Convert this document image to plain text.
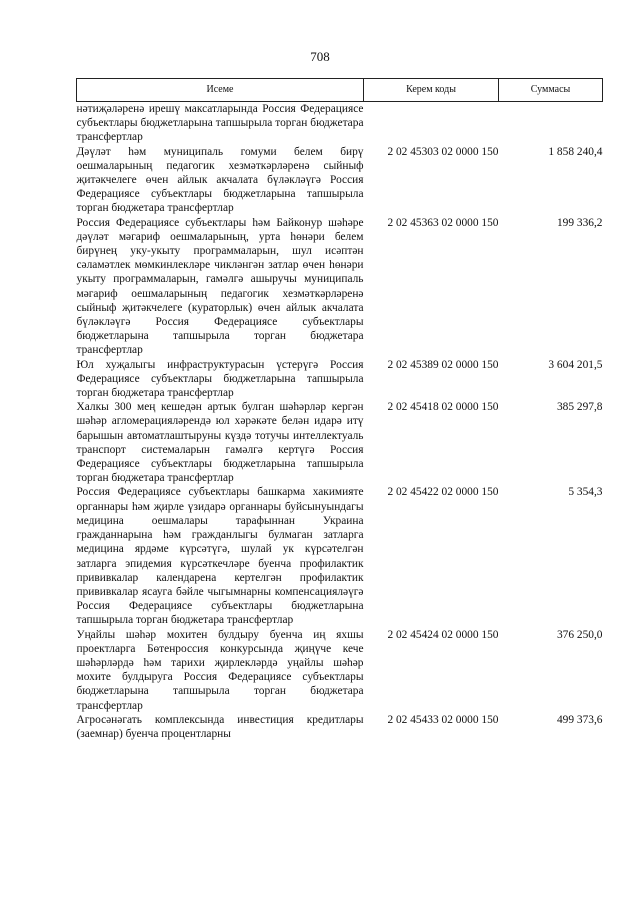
708
Исеме	Керем коды	Суммасы
нәтиҗәләренә ирешү максатларында Россия Федерациясе субъектлары бюджетларына тапшырыла торган бюджетара трансфертлар		
Дәүләт һәм муниципаль гомуми белем бирү оешмаларының педагогик хезмәткәрләренә сыйныф җитәкчелеге өчен айлык акчалата бүләкләүгә Россия Федерациясе субъектлары бюджетларына тапшырыла торган бюджетара трансфертлар	2 02 45303 02 0000 150	1 858 240,4
Россия Федерациясе субъектлары һәм Байконур шәһәре дәүләт мәгариф оешмаларының, урта һөнәри белем бирүнең уку-укыту программаларын, шул исәптән сәламәтлек мөмкинлекләре чикләнгән затлар өчен һөнәри укыту программаларын, гамәлгә ашыручы муниципаль мәгариф оешмаларының педагогик хезмәткәрләренә сыйныф җитәкчелеге (кураторлык) өчен айлык акчалата бүләкләүгә Россия Федерациясе субъектлары бюджетларына тапшырыла торган бюджетара трансфертлар	2 02 45363 02 0000 150	199 336,2
Юл хуҗалыгы инфраструктурасын үстерүгә Россия Федерациясе субъектлары бюджетларына тапшырыла торган бюджетара трансфертлар	2 02 45389 02 0000 150	3 604 201,5
Халкы 300 мең кешедән артык булган шәһәрләр кергән шәһәр агломерацияләрендә юл хәрәкәте белән идарә итү барышын автоматлаштыруны күздә тотучы интеллектуаль транспорт системаларын гамәлгә кертүгә Россия Федерациясе субъектлары бюджетларына тапшырыла торган бюджетара трансфертлар	2 02 45418 02 0000 150	385 297,8
Россия Федерациясе субъектлары башкарма хакимияте органнары һәм җирле үзидарә органнары буйсынуындагы медицина оешмалары тарафыннан Украина гражданнарына һәм гражданлыгы булмаган затларга медицина ярдәме күрсәтүгә, шулай ук күрсәтелгән затларга эпидемия күрсәткечләре буенча профилактик прививкалар календарена кертелгән профилактик прививкалар ясауга бәйле чыгымнарны компенсацияләүгә Россия Федерациясе субъектлары бюджетларына тапшырыла торган бюджетара трансфертлар	2 02 45422 02 0000 150	5 354,3
Уңайлы шәһәр мохитен булдыру буенча иң яхшы проектларга Бөтенроссия конкурсында җиңүче кече шәһәрләрдә һәм тарихи җирлекләрдә уңайлы шәһәр мохите булдыруга Россия Федерациясе субъектлары бюджетларына тапшырыла торган бюджетара трансфертлар	2 02 45424 02 0000 150	376 250,0
Агросәнәгать комплексында инвестиция кредитлары (заемнар) буенча процентларны	2 02 45433 02 0000 150	499 373,6
